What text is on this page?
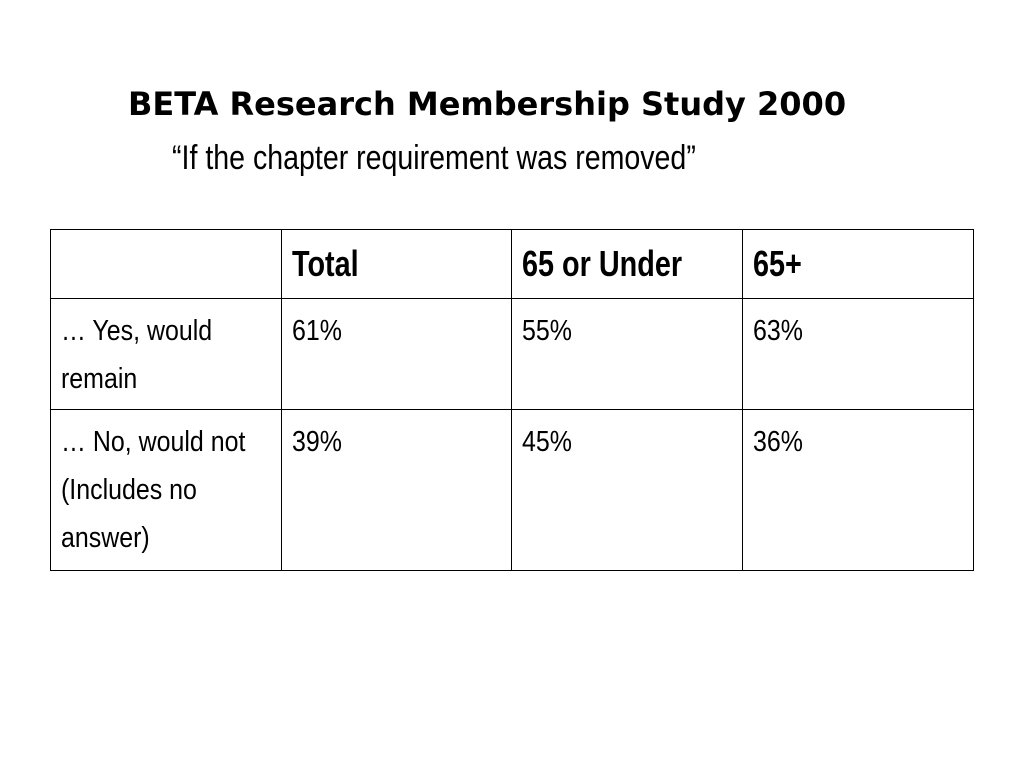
BETA Research Membership Study 2000
“If the chapter requirement was removed”
	Total	65 or Under	65+
… Yes, would remain	61%	55%	63%
… No, would not (Includes no answer)	39%	45%	36%
